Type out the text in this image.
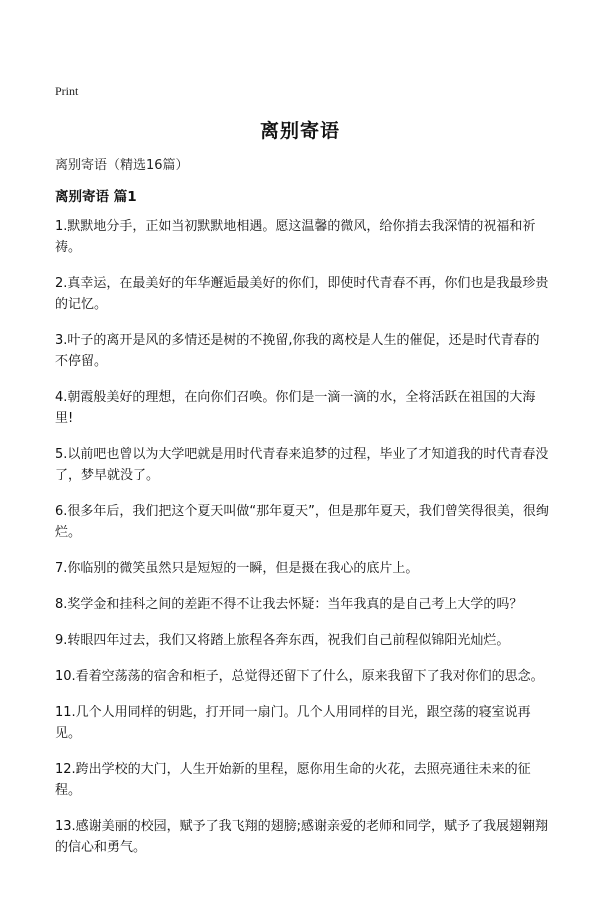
Print
离别寄语
离别寄语（精选16篇）
离别寄语 篇1

1.默默地分手，正如当初默默地相遇。愿这温馨的微风，给你捎去我深情的祝福和祈祷。

2.真幸运，在最美好的年华邂逅最美好的你们，即使时代青春不再，你们也是我最珍贵的记忆。

3.叶子的离开是风的多情还是树的不挽留,你我的离校是人生的催促，还是时代青春的不停留。

4.朝霞般美好的理想，在向你们召唤。你们是一滴一滴的水，全将活跃在祖国的大海里!

5.以前吧也曾以为大学吧就是用时代青春来追梦的过程，毕业了才知道我的时代青春没了，梦早就没了。

6.很多年后，我们把这个夏天叫做“那年夏天”，但是那年夏天，我们曾笑得很美，很绚烂。

7.你临别的微笑虽然只是短短的一瞬，但是摄在我心的底片上。

8.奖学金和挂科之间的差距不得不让我去怀疑：当年我真的是自己考上大学的吗？

9.转眼四年过去，我们又将踏上旅程各奔东西，祝我们自己前程似锦阳光灿烂。

10.看着空荡荡的宿舍和柜子，总觉得还留下了什么，原来我留下了我对你们的思念。

11.几个人用同样的钥匙，打开同一扇门。几个人用同样的目光，跟空荡的寝室说再见。

12.跨出学校的大门，人生开始新的里程，愿你用生命的火花，去照亮通往未来的征程。

13.感谢美丽的校园，赋予了我飞翔的翅膀;感谢亲爱的老师和同学，赋予了我展翅翱翔的信心和勇气。
